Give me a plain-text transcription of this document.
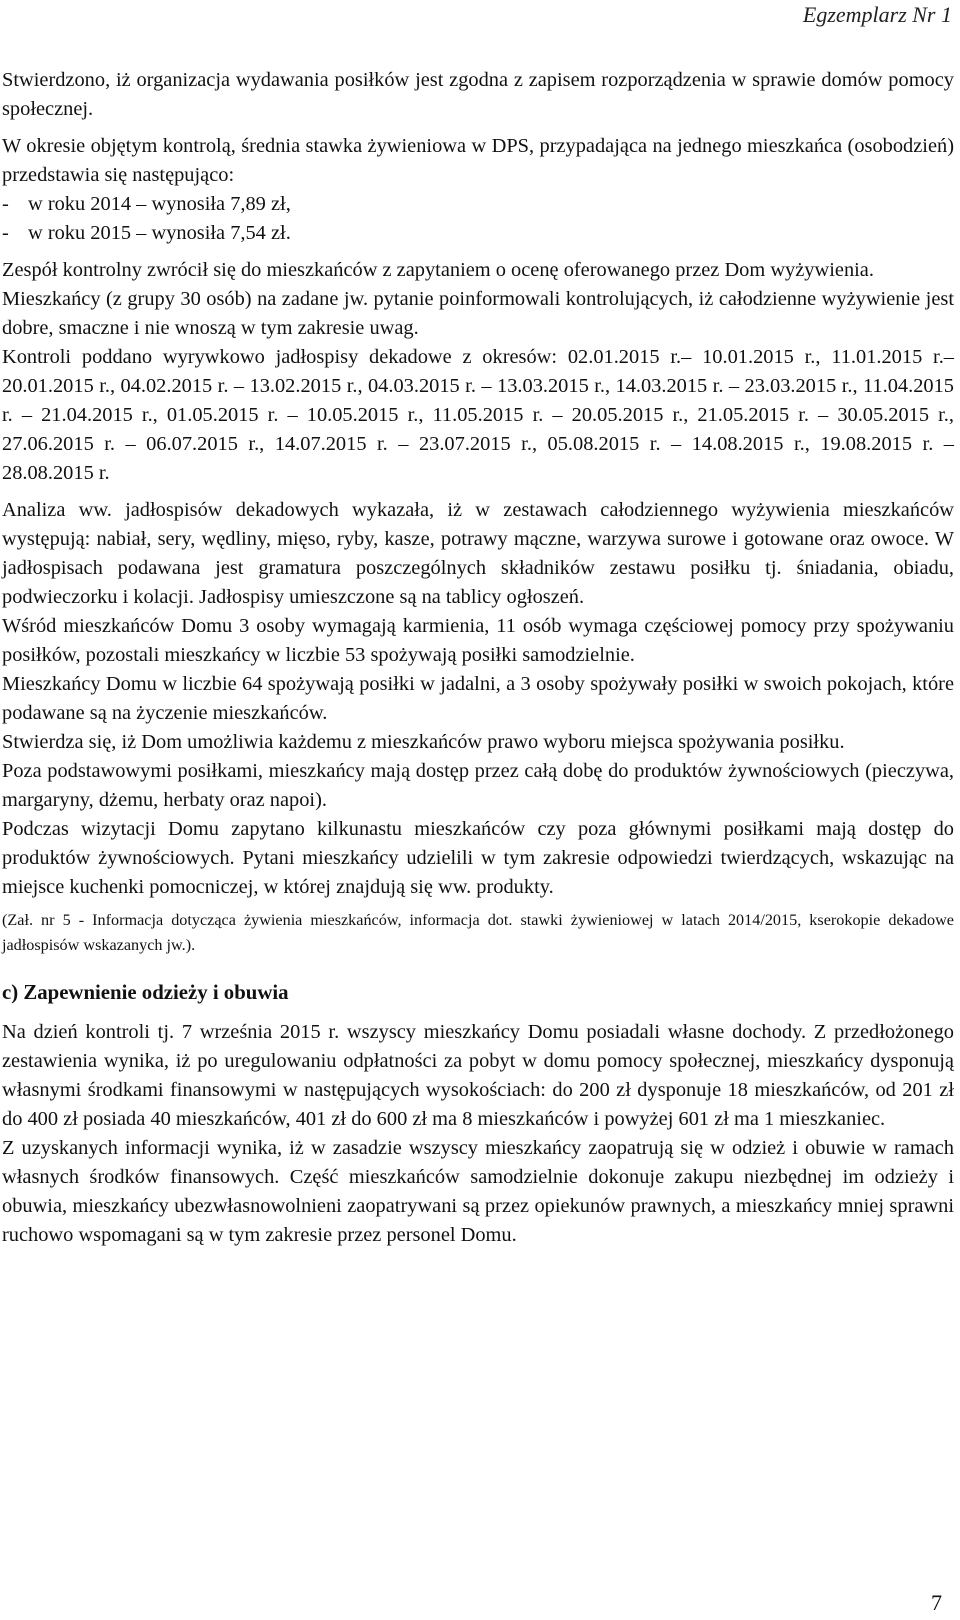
Egzemplarz Nr 1

Stwierdzono, iż organizacja wydawania posiłków jest zgodna z zapisem rozporządzenia w sprawie domów pomocy społecznej.

W okresie objętym kontrolą, średnia stawka żywieniowa w DPS, przypadająca na jednego mieszkańca (osobodzień) przedstawia się następująco:

- w roku 2014 – wynosiła 7,89 zł,
- w roku 2015 – wynosiła 7,54 zł.

Zespół kontrolny zwrócił się do mieszkańców z zapytaniem o ocenę oferowanego przez Dom wyżywienia.

Mieszkańcy (z grupy 30 osób) na zadane jw. pytanie poinformowali kontrolujących, iż całodzienne wyżywienie jest dobre, smaczne i nie wnoszą w tym zakresie uwag.

Kontroli poddano wyrywkowo jadłospisy dekadowe z okresów: 02.01.2015 r.– 10.01.2015 r., 11.01.2015 r.– 20.01.2015 r., 04.02.2015 r. – 13.02.2015 r., 04.03.2015 r. – 13.03.2015 r., 14.03.2015 r. – 23.03.2015 r., 11.04.2015 r. – 21.04.2015 r., 01.05.2015 r. – 10.05.2015 r., 11.05.2015 r. – 20.05.2015 r., 21.05.2015 r. – 30.05.2015 r., 27.06.2015 r. – 06.07.2015 r., 14.07.2015 r. – 23.07.2015 r., 05.08.2015 r. – 14.08.2015 r., 19.08.2015 r. – 28.08.2015 r.

Analiza ww. jadłospisów dekadowych wykazała, iż w zestawach całodziennego wyżywienia mieszkańców występują: nabiał, sery, wędliny, mięso, ryby, kasze, potrawy mączne, warzywa surowe i gotowane oraz owoce. W jadłospisach podawana jest gramatura poszczególnych składników zestawu posiłku tj. śniadania, obiadu, podwieczorku i kolacji. Jadłospisy umieszczone są na tablicy ogłoszeń.

Wśród mieszkańców Domu 3 osoby wymagają karmienia, 11 osób wymaga częściowej pomocy przy spożywaniu posiłków, pozostali mieszkańcy w liczbie 53 spożywają posiłki samodzielnie.

Mieszkańcy Domu w liczbie 64 spożywają posiłki w jadalni, a 3 osoby spożywały posiłki w swoich pokojach, które podawane są na życzenie mieszkańców.

Stwierdza się, iż Dom umożliwia każdemu z mieszkańców prawo wyboru miejsca spożywania posiłku.

Poza podstawowymi posiłkami, mieszkańcy mają dostęp przez całą dobę do produktów żywnościowych (pieczywa, margaryny, dżemu, herbaty oraz napoi).

Podczas wizytacji Domu zapytano kilkunastu mieszkańców czy poza głównymi posiłkami mają dostęp do produktów żywnościowych. Pytani mieszkańcy udzielili w tym zakresie odpowiedzi twierdzących, wskazując na miejsce kuchenki pomocniczej, w której znajdują się ww. produkty.

(Zał. nr 5 - Informacja dotycząca żywienia mieszkańców, informacja dot. stawki żywieniowej w latach 2014/2015, kserokopie dekadowe jadłospisów wskazanych jw.).

c) Zapewnienie odzieży i obuwia

Na dzień kontroli tj. 7 września 2015 r. wszyscy mieszkańcy Domu posiadali własne dochody. Z przedłożonego zestawienia wynika, iż po uregulowaniu odpłatności za pobyt w domu pomocy społecznej, mieszkańcy dysponują własnymi środkami finansowymi w następujących wysokościach: do 200 zł dysponuje 18 mieszkańców, od 201 zł do 400 zł posiada 40 mieszkańców, 401 zł do 600 zł ma 8 mieszkańców i powyżej 601 zł ma 1 mieszkaniec.

Z uzyskanych informacji wynika, iż w zasadzie wszyscy mieszkańcy zaopatrują się w odzież i obuwie w ramach własnych środków finansowych. Część mieszkańców samodzielnie dokonuje zakupu niezbędnej im odzieży i obuwia, mieszkańcy ubezwłasnowolnieni zaopatrywani są przez opiekunów prawnych, a mieszkańcy mniej sprawni ruchowo wspomagani są w tym zakresie przez personel Domu.

7
